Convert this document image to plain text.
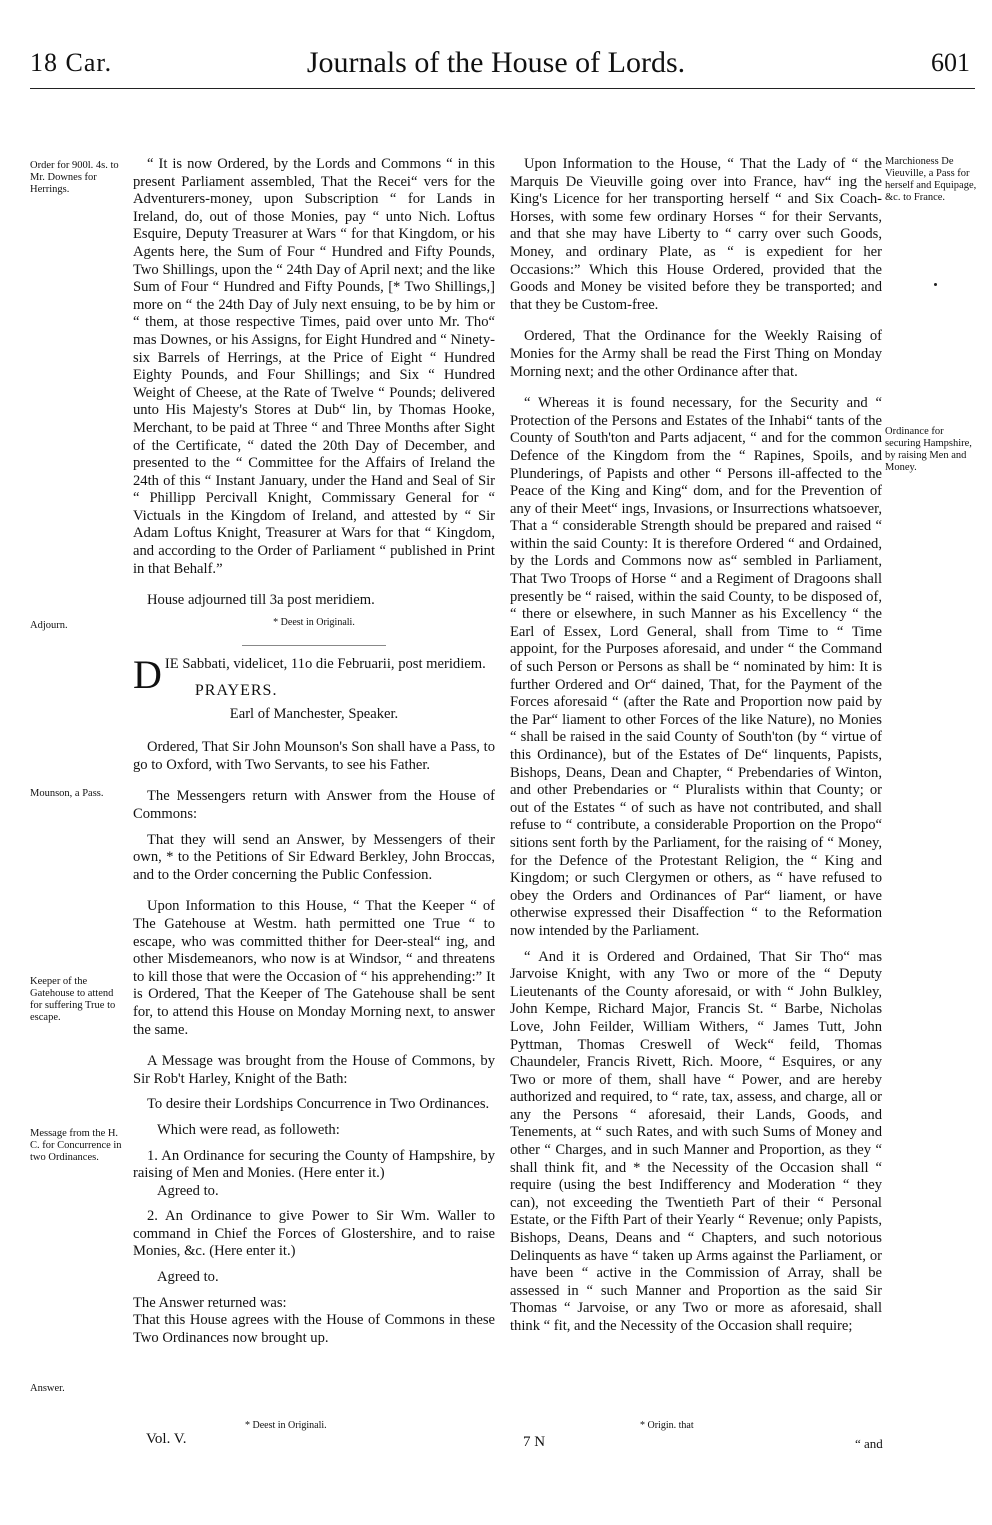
18 Car.	Journals of the House of Lords.	601
Order for 900l. 4s. to Mr. Downes for Herrings.
Adjourn.
Mounson, a Pass.
Keeper of the Gatehouse to attend for suffering True to escape.
Message from the H. C. for Concurrence in two Ordinances.
Answer.
Marchioness De Vieuville, a Pass for herself and Equipage, &c. to France.
Ordinance for securing Hampshire, by raising Men and Money.

“ It is now Ordered, by the Lords and Commons “ in this present Parliament assembled, That the Recei“ vers for the Adventurers-money, upon Subscription “ for Lands in Ireland, do, out of those Monies, pay “ unto Nich. Loftus Esquire, Deputy Treasurer at Wars “ for that Kingdom, or his Agents here, the Sum of Four “ Hundred and Fifty Pounds, Two Shillings, upon the “ 24th Day of April next; and the like Sum of Four “ Hundred and Fifty Pounds, [* Two Shillings,] more on “ the 24th Day of July next ensuing, to be by him or “ them, at those respective Times, paid over unto Mr. Tho“ mas Downes, or his Assigns, for Eight Hundred and “ Ninety-six Barrels of Herrings, at the Price of Eight “ Hundred Eighty Pounds, and Four Shillings; and Six “ Hundred Weight of Cheese, at the Rate of Twelve “ Pounds; delivered unto His Majesty's Stores at Dub“ lin, by Thomas Hooke, Merchant, to be paid at Three “ and Three Months after Sight of the Certificate, “ dated the 20th Day of December, and presented to the “ Committee for the Affairs of Ireland the 24th of this “ Instant January, under the Hand and Seal of Sir “ Phillipp Percivall Knight, Commissary General for “ Victuals in the Kingdom of Ireland, and attested by “ Sir Adam Loftus Knight, Treasurer at Wars for that “ Kingdom, and according to the Order of Parliament “ published in Print in that Behalf.”

House adjourned till 3a post meridiem.

* Deest in Originali.

DIE Sabbati, videlicet, 11o die Februarii, post meridiem.

PRAYERS.

Earl of Manchester, Speaker.

Ordered, That Sir John Mounson's Son shall have a Pass, to go to Oxford, with Two Servants, to see his Father.

The Messengers return with Answer from the House of Commons:

That they will send an Answer, by Messengers of their own, * to the Petitions of Sir Edward Berkley, John Broccas, and to the Order concerning the Public Confession.

Upon Information to this House, “ That the Keeper “ of The Gatehouse at Westm. hath permitted one True “ to escape, who was committed thither for Deer-steal“ ing, and other Misdemeanors, who now is at Windsor, “ and threatens to kill those that were the Occasion of “ his apprehending:” It is Ordered, That the Keeper of The Gatehouse shall be sent for, to attend this House on Monday Morning next, to answer the same.

A Message was brought from the House of Commons, by Sir Rob't Harley, Knight of the Bath:

To desire their Lordships Concurrence in Two Ordinances.

Which were read, as followeth:

1. An Ordinance for securing the County of Hampshire, by raising of Men and Monies. (Here enter it.)

Agreed to.

2. An Ordinance to give Power to Sir Wm. Waller to command in Chief the Forces of Glostershire, and to raise Monies, &c. (Here enter it.)

Agreed to.

The Answer returned was:

That this House agrees with the House of Commons in these Two Ordinances now brought up.

Upon Information to the House, “ That the Lady of “ the Marquis De Vieuville going over into France, hav“ ing the King's Licence for her transporting herself “ and Six Coach-Horses, with some few ordinary Horses “ for their Servants, and that she may have Liberty to “ carry over such Goods, Money, and ordinary Plate, as “ is expedient for her Occasions:” Which this House Ordered, provided that the Goods and Money be visited before they be transported; and that they be Custom-free.

Ordered, That the Ordinance for the Weekly Raising of Monies for the Army shall be read the First Thing on Monday Morning next; and the other Ordinance after that.

“ Whereas it is found necessary, for the Security and “ Protection of the Persons and Estates of the Inhabi“ tants of the County of South'ton and Parts adjacent, “ and for the common Defence of the Kingdom from the “ Rapines, Spoils, and Plunderings, of Papists and other “ Persons ill-affected to the Peace of the King and King“ dom, and for the Prevention of any of their Meet“ ings, Invasions, or Insurrections whatsoever, That a “ considerable Strength should be prepared and raised “ within the said County: It is therefore Ordered “ and Ordained, by the Lords and Commons now as“ sembled in Parliament, That Two Troops of Horse “ and a Regiment of Dragoons shall presently be “ raised, within the said County, to be disposed of, “ there or elsewhere, in such Manner as his Excellency “ the Earl of Essex, Lord General, shall from Time to “ Time appoint, for the Purposes aforesaid, and under “ the Command of such Person or Persons as shall be “ nominated by him: It is further Ordered and Or“ dained, That, for the Payment of the Forces aforesaid “ (after the Rate and Proportion now paid by the Par“ liament to other Forces of the like Nature), no Monies “ shall be raised in the said County of South'ton (by “ virtue of this Ordinance), but of the Estates of De“ linquents, Papists, Bishops, Deans, Dean and Chapter, “ Prebendaries of Winton, and other Prebendaries or “ Pluralists within that County; or out of the Estates “ of such as have not contributed, and shall refuse to “ contribute, a considerable Proportion on the Propo“ sitions sent forth by the Parliament, for the raising of “ Money, for the Defence of the Protestant Religion, the “ King and Kingdom; or such Clergymen or others, as “ have refused to obey the Orders and Ordinances of Par“ liament, or have otherwise expressed their Disaffection “ to the Reformation now intended by the Parliament.

“ And it is Ordered and Ordained, That Sir Tho“ mas Jarvoise Knight, with any Two or more of the “ Deputy Lieutenants of the County aforesaid, or with “ John Bulkley, John Kempe, Richard Major, Francis St. “ Barbe, Nicholas Love, John Feilder, William Withers, “ James Tutt, John Pyttman, Thomas Creswell of Weck“ feild, Thomas Chaundeler, Francis Rivett, Rich. Moore, “ Esquires, or any Two or more of them, shall have “ Power, and are hereby authorized and required, to “ rate, tax, assess, and charge, all or any the Persons “ aforesaid, their Lands, Goods, and Tenements, at “ such Rates, and with such Sums of Money and other “ Charges, and in such Manner and Proportion, as they “ shall think fit, and * the Necessity of the Occasion shall “ require (using the best Indifferency and Moderation “ they can), not exceeding the Twentieth Part of their “ Personal Estate, or the Fifth Part of their Yearly “ Revenue; only Papists, Bishops, Deans, Deans and “ Chapters, and such notorious Delinquents as have “ taken up Arms against the Parliament, or have been “ active in the Commission of Array, shall be assessed in “ such Manner and Proportion as the said Sir Thomas “ Jarvoise, or any Two or more as aforesaid, shall think “ fit, and the Necessity of the Occasion shall require;

* Deest in Originali.	* Origin. that
Vol. V.	7 N	“ and
